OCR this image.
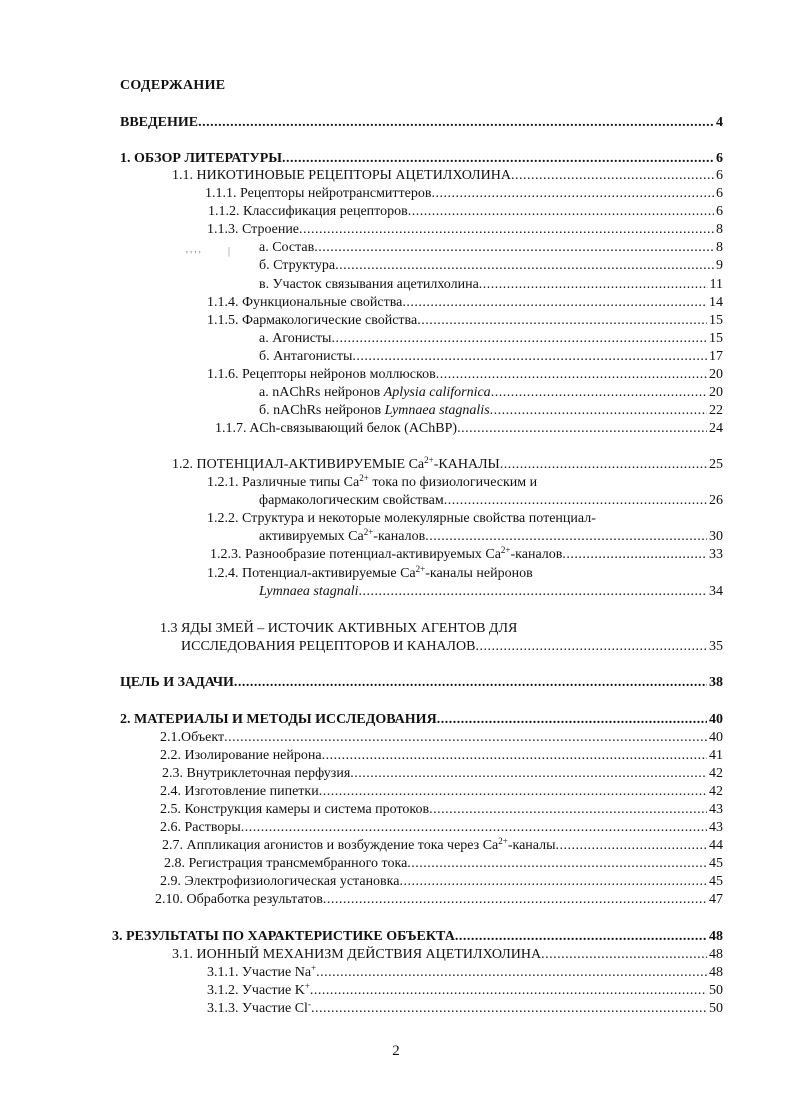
СОДЕРЖАНИЕ
ВВЕДЕНИЕ .....	4
1. ОБЗОР ЛИТЕРАТУРЫ .....	6
1.1. НИКОТИНОВЫЕ РЕЦЕПТОРЫ АЦЕТИЛХОЛИНА .....	6
1.1.1. Рецепторы нейротрансмиттеров .....	6
1.1.2. Классификация рецепторов .....	6
1.1.3. Строение .....	8
' ' ' '	| а. Состав .....	8
б. Структура .....	9
в. Участок связывания ацетилхолина .....	11
1.1.4. Функциональные свойства .....	14
1.1.5. Фармакологические свойства .....	15
а. Агонисты .....	15
б. Антагонисты .....	17
1.1.6. Рецепторы нейронов моллюсков .....	20
а. nAChRs нейронов Aplysia californica .....	20
б. nAChRs нейронов Lymnaea stagnalis .....	22
1.1.7. ACh-связывающий белок (AChBP) .....	24
1.2. ПОТЕНЦИАЛ-АКТИВИРУЕМЫЕ $Ca^{2+}$-КАНАЛЫ .....	25
1.2.1. Различные типы $Ca^{2+}$ тока по физиологическим и
фармакологическим свойствам .....	26
1.2.2. Структура и некоторые молекулярные свойства потенциал-
активируемых $Ca^{2+}$-каналов .....	30
1.2.3. Разнообразие потенциал-активируемых $Ca^{2+}$-каналов .....	33
1.2.4. Потенциал-активируемые $Ca^{2+}$-каналы нейронов
Lymnaea stagnali .....	34
1.3 ЯДЫ ЗМЕЙ – ИСТОЧИК АКТИВНЫХ АГЕНТОВ ДЛЯ
ИССЛЕДОВАНИЯ РЕЦЕПТОРОВ И КАНАЛОВ .....	35
ЦЕЛЬ И ЗАДАЧИ .....	38
2. МАТЕРИАЛЫ И МЕТОДЫ ИССЛЕДОВАНИЯ .....	40
2.1.Объект .....	40
2.2. Изолирование нейрона .....	41
2.3. Внутриклеточная перфузия .....	42
2.4. Изготовление пипетки .....	42
2.5. Конструкция камеры и система протоков .....	43
2.6. Растворы .....	43
2.7. Аппликация агонистов и возбуждение тока через $Ca^{2+}$-каналы .....	44
2.8. Регистрация трансмембранного тока .....	45
2.9. Электрофизиологическая установка .....	45
2.10. Обработка результатов .....	47
3. РЕЗУЛЬТАТЫ ПО ХАРАКТЕРИСТИКЕ ОБЪЕКТА .....	48
3.1. ИОННЫЙ МЕХАНИЗМ ДЕЙСТВИЯ АЦЕТИЛХОЛИНА .....	48
3.1.1. Участие Na+ .....	48
3.1.2. Участие K+ .....	50
3.1.3. Участие Cl- .....	50
2
